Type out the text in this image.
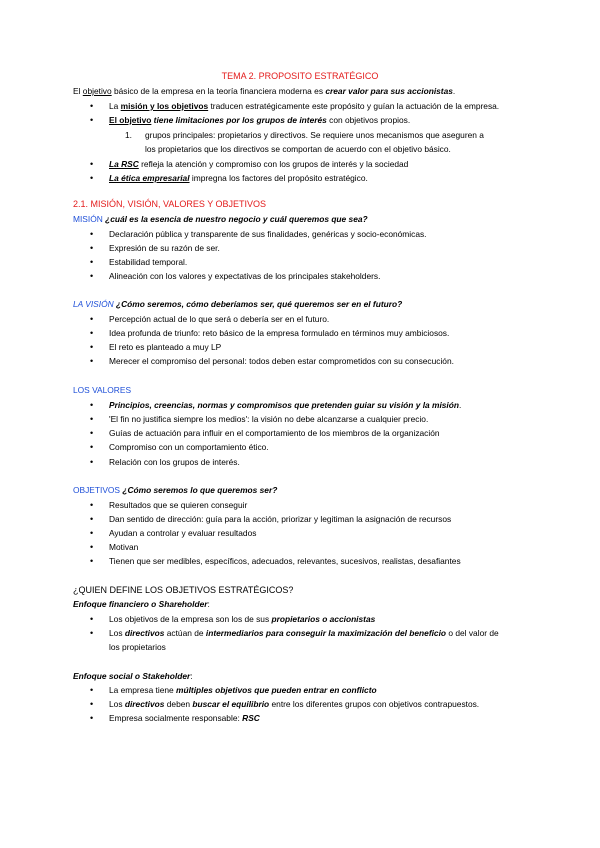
TEMA 2. PROPOSITO ESTRATÉGICO
El objetivo básico de la empresa en la teoría financiera moderna es crear valor para sus accionistas.
• La misión y los objetivos traducen estratégicamente este propósito y guían la actuación de la empresa.
• El objetivo tiene limitaciones por los grupos de interés con objetivos propios.
1. grupos principales: propietarios y directivos. Se requiere unos mecanismos que aseguren a
los propietarios que los directivos se comportan de acuerdo con el objetivo básico.
• La RSC refleja la atención y compromiso con los grupos de interés y la sociedad
• La ética empresarial impregna los factores del propósito estratégico.
2.1. MISIÓN, VISIÓN, VALORES Y OBJETIVOS
MISIÓN ¿cuál es la esencia de nuestro negocio y cuál queremos que sea?
• Declaración pública y transparente de sus finalidades, genéricas y socio-económicas.
• Expresión de su razón de ser.
• Estabilidad temporal.
• Alineación con los valores y expectativas de los principales stakeholders.
LA VISIÓN ¿Cómo seremos, cómo deberíamos ser, qué queremos ser en el futuro?
• Percepción actual de lo que será o debería ser en el futuro.
• Idea profunda de triunfo: reto básico de la empresa formulado en términos muy ambiciosos.
• El reto es planteado a muy LP
• Merecer el compromiso del personal: todos deben estar comprometidos con su consecución.
LOS VALORES
• Principios, creencias, normas y compromisos que pretenden guiar su visión y la misión.
• 'El fin no justifica siempre los medios': la visión no debe alcanzarse a cualquier precio.
• Guías de actuación para influir en el comportamiento de los miembros de la organización
• Compromiso con un comportamiento ético.
• Relación con los grupos de interés.
OBJETIVOS ¿Cómo seremos lo que queremos ser?
• Resultados que se quieren conseguir
• Dan sentido de dirección: guía para la acción, priorizar y legitiman la asignación de recursos
• Ayudan a controlar y evaluar resultados
• Motivan
• Tienen que ser medibles, específicos, adecuados, relevantes, sucesivos, realistas, desafiantes
¿QUIEN DEFINE LOS OBJETIVOS ESTRATÉGICOS?
Enfoque financiero o Shareholder:
• Los objetivos de la empresa son los de sus propietarios o accionistas
• Los directivos actúan de intermediarios para conseguir la maximización del beneficio o del valor de
los propietarios
Enfoque social o Stakeholder:
• La empresa tiene múltiples objetivos que pueden entrar en conflicto
• Los directivos deben buscar el equilibrio entre los diferentes grupos con objetivos contrapuestos.
• Empresa socialmente responsable: RSC
